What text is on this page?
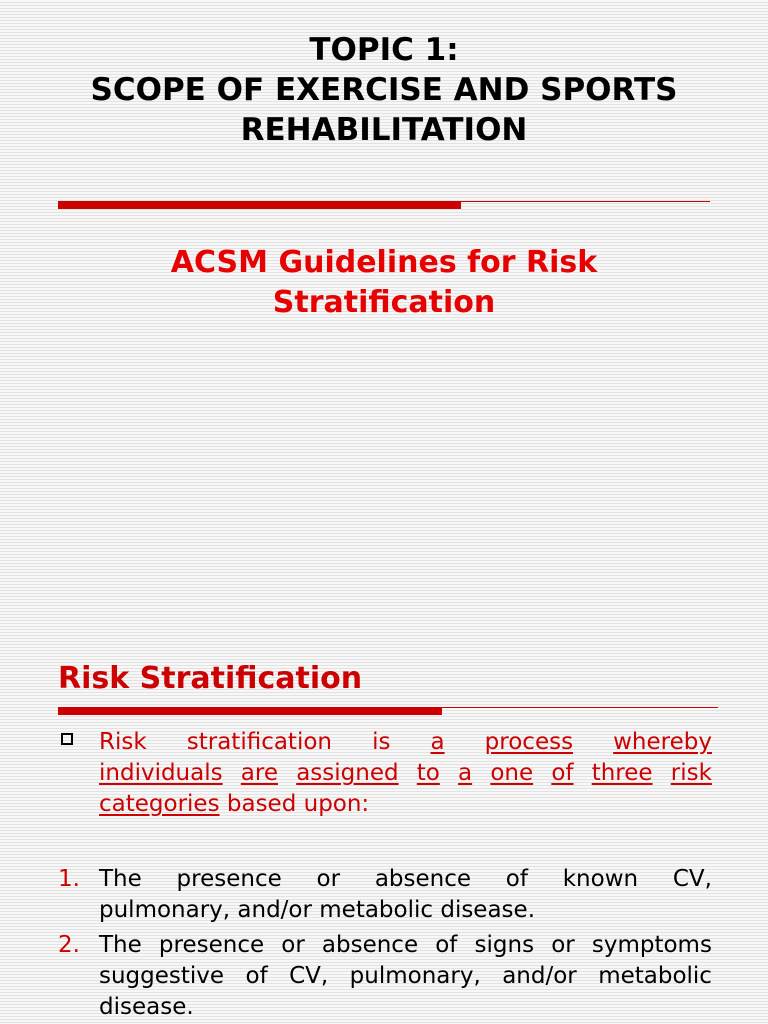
TOPIC 1:
SCOPE OF EXERCISE AND SPORTS
REHABILITATION
ACSM Guidelines for Risk
Stratification
Risk Stratification
Risk stratification is a process whereby
individuals are assigned to a one of three risk
categories based upon:
1. The presence or absence of known CV,
pulmonary, and/or metabolic disease.
2. The presence or absence of signs or symptoms
suggestive of CV, pulmonary, and/or metabolic
disease.
